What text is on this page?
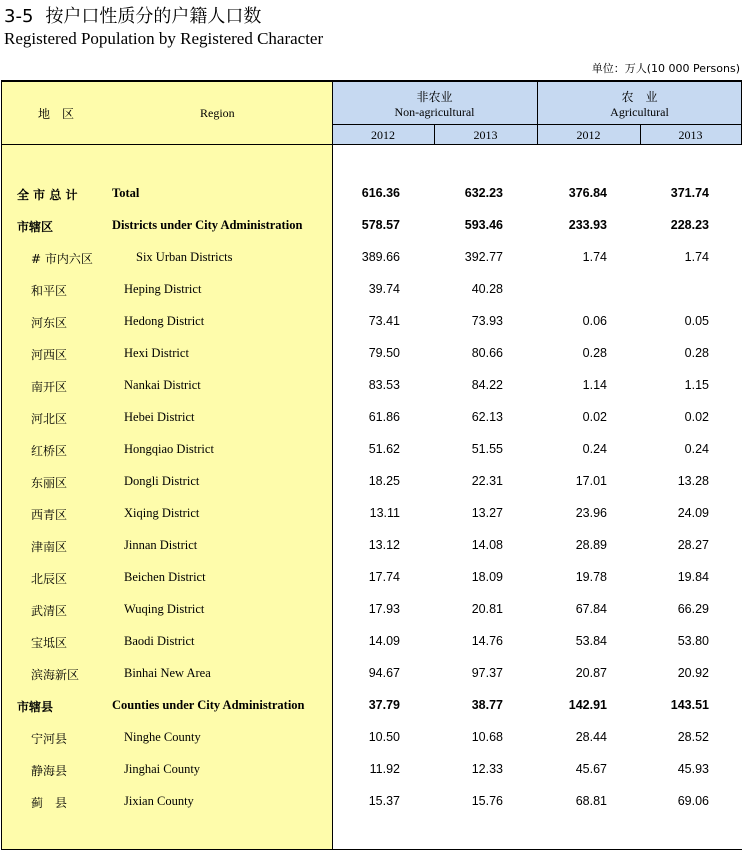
3-5 按户口性质分的户籍人口数
Registered Population by Registered Character
单位：万人(10 000 Persons)
地　区	Region
非农业
Non-agricultural
农　业
Agricultural
2012	2013	2012	2013
全 市 总 计	Total	616.36	632.23	376.84	371.74
市辖区	Districts under City Administration	578.57	593.46	233.93	228.23
# 市内六区	Six Urban Districts	389.66	392.77	1.74	1.74
和平区	Heping District	39.74	40.28
河东区	Hedong District	73.41	73.93	0.06	0.05
河西区	Hexi District	79.50	80.66	0.28	0.28
南开区	Nankai District	83.53	84.22	1.14	1.15
河北区	Hebei District	61.86	62.13	0.02	0.02
红桥区	Hongqiao District	51.62	51.55	0.24	0.24
东丽区	Dongli District	18.25	22.31	17.01	13.28
西青区	Xiqing District	13.11	13.27	23.96	24.09
津南区	Jinnan District	13.12	14.08	28.89	28.27
北辰区	Beichen District	17.74	18.09	19.78	19.84
武清区	Wuqing District	17.93	20.81	67.84	66.29
宝坻区	Baodi District	14.09	14.76	53.84	53.80
滨海新区	Binhai New Area	94.67	97.37	20.87	20.92
市辖县	Counties under City Administration	37.79	38.77	142.91	143.51
宁河县	Ninghe County	10.50	10.68	28.44	28.52
静海县	Jinghai County	11.92	12.33	45.67	45.93
蓟　县	Jixian County	15.37	15.76	68.81	69.06
